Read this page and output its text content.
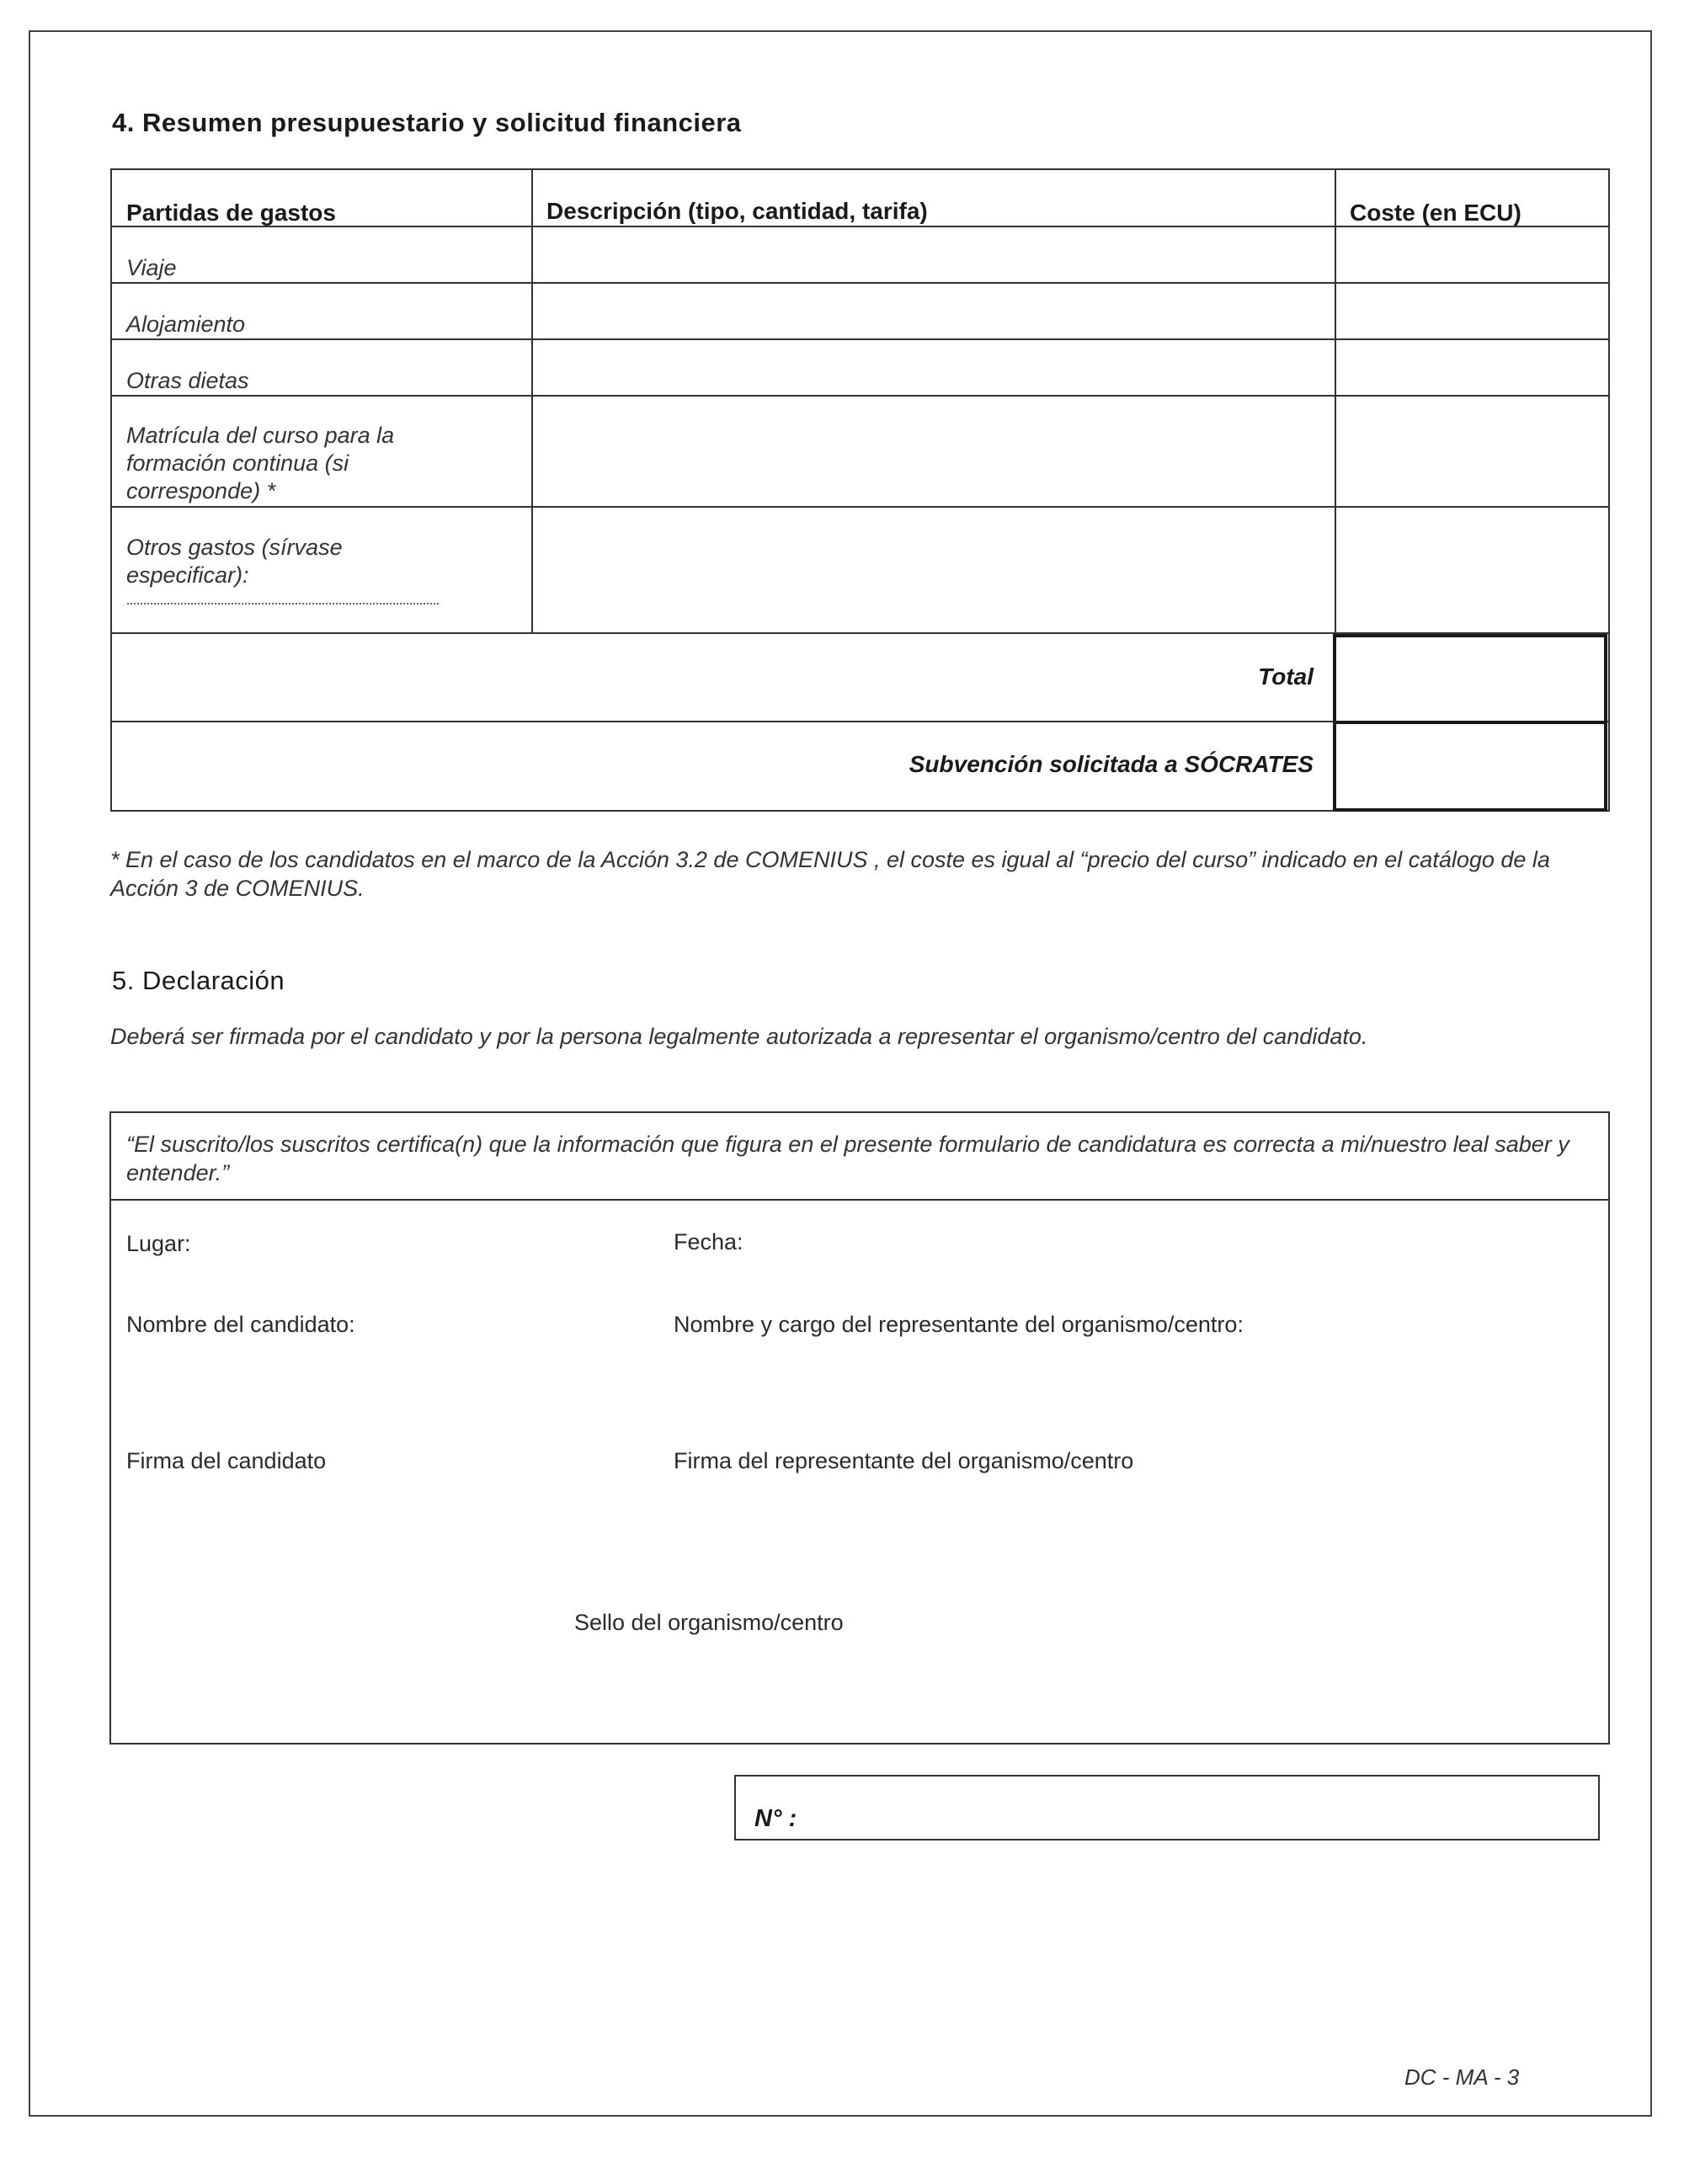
4. Resumen presupuestario y solicitud financiera
Partidas de gastos	Descripción (tipo, cantidad, tarifa)	Coste (en ECU)
Viaje
Alojamiento
Otras dietas
Matrícula del curso para la formación continua (si corresponde) *
Otros gastos (sírvase especificar):
Total
Subvención solicitada a SÓCRATES
* En el caso de los candidatos en el marco de la Acción 3.2 de COMENIUS , el coste es igual al “precio del curso” indicado en el catálogo de la Acción 3 de COMENIUS.
5. Declaración
Deberá ser firmada por el candidato y por la persona legalmente autorizada a representar el organismo/centro del candidato.
“El suscrito/los suscritos certifica(n) que la información que figura en el presente formulario de candidatura es correcta a mi/nuestro leal saber y entender.”
Lugar:	Fecha:
Nombre del candidato:	Nombre y cargo del representante del organismo/centro:
Firma del candidato	Firma del representante del organismo/centro
Sello del organismo/centro
N° :
DC - MA - 3
